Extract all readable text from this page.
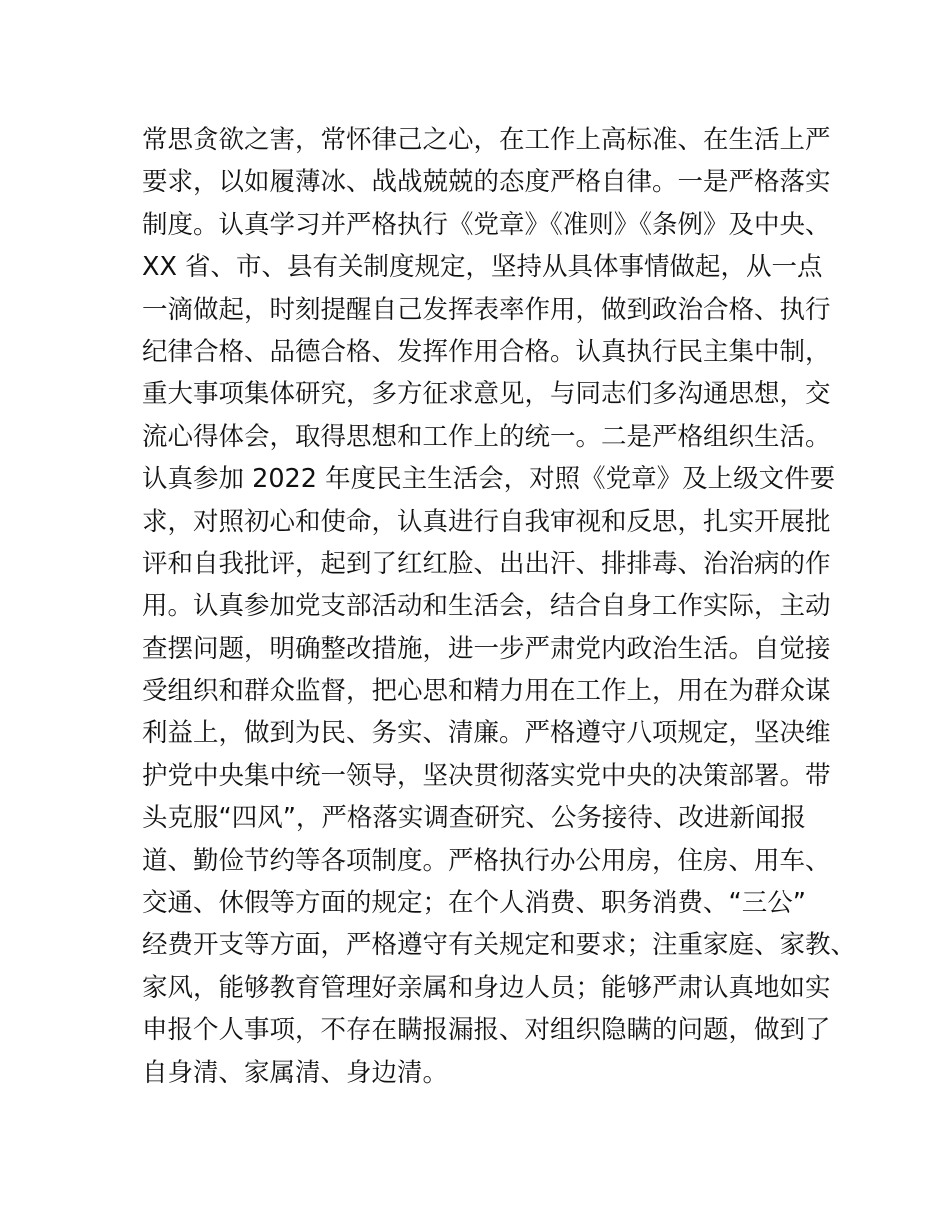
常思贪欲之害，常怀律己之心，在工作上高标准、在生活上严
要求，以如履薄冰、战战兢兢的态度严格自律。一是严格落实
制度。认真学习并严格执行《党章》《准则》《条例》及中央、
XX 省、市、县有关制度规定，坚持从具体事情做起，从一点
一滴做起，时刻提醒自己发挥表率作用，做到政治合格、执行
纪律合格、品德合格、发挥作用合格。认真执行民主集中制，
重大事项集体研究，多方征求意见，与同志们多沟通思想，交
流心得体会，取得思想和工作上的统一。二是严格组织生活。
认真参加 2022 年度民主生活会，对照《党章》及上级文件要
求，对照初心和使命，认真进行自我审视和反思，扎实开展批
评和自我批评，起到了红红脸、出出汗、排排毒、治治病的作
用。认真参加党支部活动和生活会，结合自身工作实际，主动
查摆问题，明确整改措施，进一步严肃党内政治生活。自觉接
受组织和群众监督，把心思和精力用在工作上，用在为群众谋
利益上，做到为民、务实、清廉。严格遵守八项规定，坚决维
护党中央集中统一领导，坚决贯彻落实党中央的决策部署。带
头克服“四风”，严格落实调查研究、公务接待、改进新闻报
道、勤俭节约等各项制度。严格执行办公用房，住房、用车、
交通、休假等方面的规定；在个人消费、职务消费、“三公”
经费开支等方面，严格遵守有关规定和要求；注重家庭、家教、
家风，能够教育管理好亲属和身边人员；能够严肃认真地如实
申报个人事项，不存在瞒报漏报、对组织隐瞒的问题，做到了
自身清、家属清、身边清。
